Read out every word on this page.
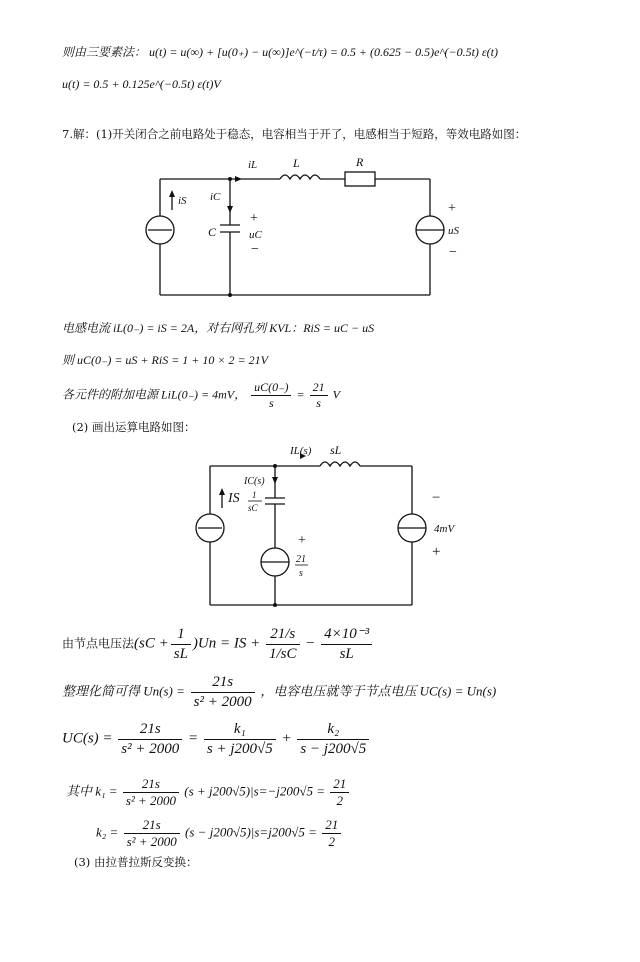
则由三要素法： u(t) = u(∞) + [u(0₊) − u(∞)]e^(−t/τ) = 0.5 + (0.625 − 0.5)e^(−0.5t) ε(t)
u(t) = 0.5 + 0.125e^(−0.5t) ε(t)V
7.解：(1)开关闭合之前电路处于稳态，电容相当于开了，电感相当于短路，等效电路如图：
iL	L	R
iS iC
C
+
uC
−
+
uS
−
电感电流 iL(0₋) = iS = 2A，对右网孔列 KVL：RiS = uC − uS
则 uC(0₋) = uS + RiS = 1 + 10 × 2 = 21V
各元件的附加电源 LiL(0₋) = 4mV， $\frac{uC(0_-)}{s} = \frac{21}{s}$ V
(2) 画出运算电路如图：
IL(s) sL
IS
IC(s)
1
sC
+
21
s
−
4mV
+
由节点电压法$(sC + \frac{1}{sL} )Un$ = IS + $\frac{21/s}{1/sC} - \frac{\text{4×10⁻³}}{sL}$
整理化简可得 $Un(s) = \frac{21s}{\text{s² + 2000}}$ ，电容电压就等于节点电压 UC(s) = Un(s)
$UC(s) = \frac{21s}{\text{s² + 2000}} = \frac{\text{k₁}}{s + j200√5} + \frac{\text{k₂}}{s - j200√5}$
其中 $k_1 = \frac{21s}{\text{s² + 2000}} (s + j200√5)|s=-j200√5 = \frac{21}{2}$
$k_2 = \frac{21s}{\text{s² + 2000}} (s - j200√5)|s=j200√5 = \frac{21}{2}$
(3) 由拉普拉斯反变换：
